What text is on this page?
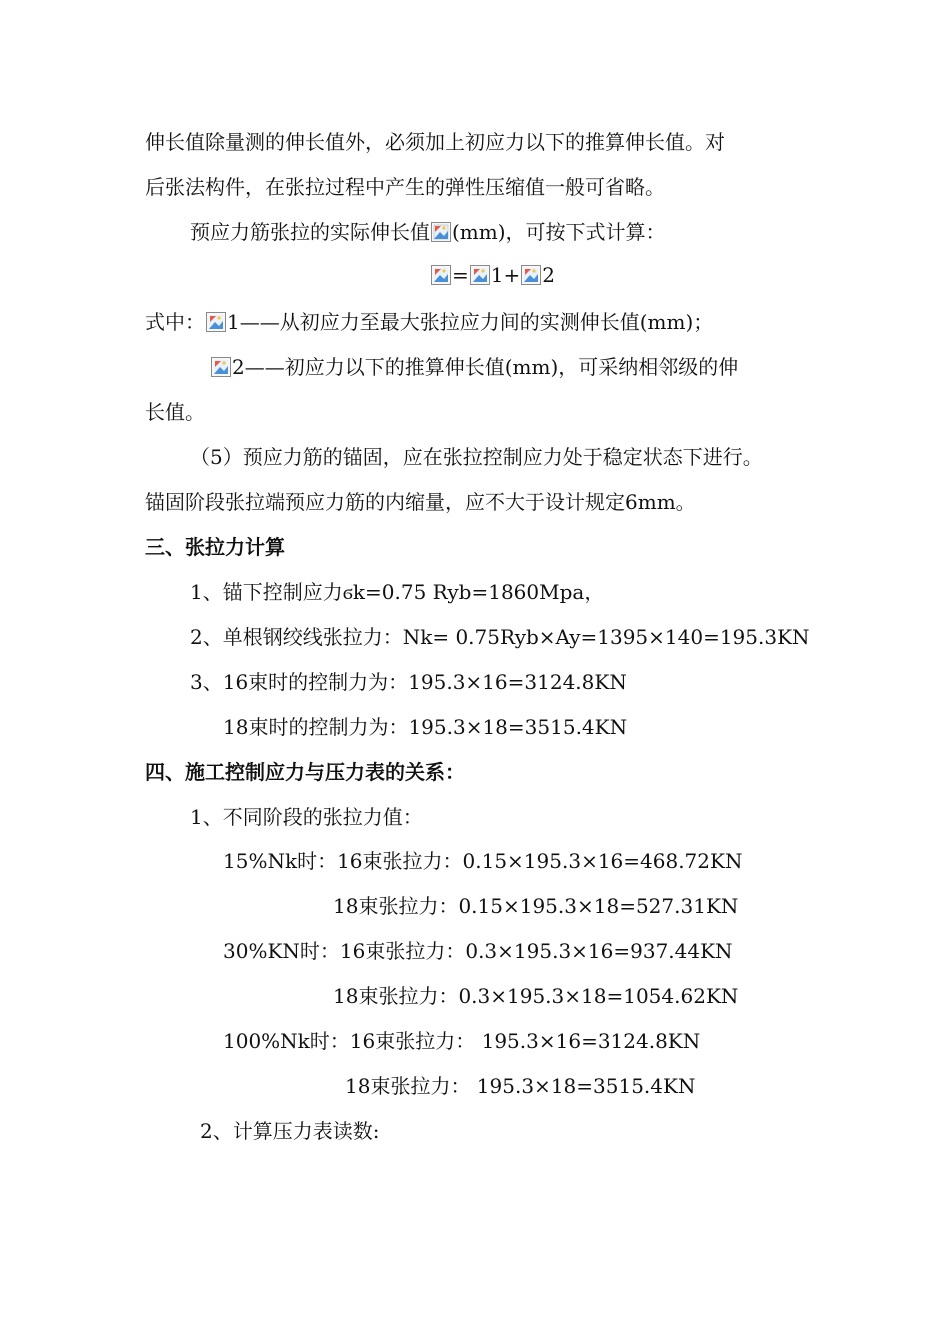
伸长值除量测的伸长值外，必须加上初应力以下的推算伸长值。对
后张法构件，在张拉过程中产生的弹性压缩值一般可省略。
预应力筋张拉的实际伸长值 (mm)，可按下式计算：
= 1+ 2
式中： 1——从初应力至最大张拉应力间的实测伸长值(mm)；
2——初应力以下的推算伸长值(mm)，可采纳相邻级的伸
长值。
（5）预应力筋的锚固，应在张拉控制应力处于稳定状态下进行。
锚固阶段张拉端预应力筋的内缩量，应不大于设计规定6mm。
三、张拉力计算
1、锚下控制应力ϭk=0.75 Ryb=1860Mpa，
2、单根钢绞线张拉力：Nk= 0.75Ryb×Ay=1395×140=195.3KN
3、16束时的控制力为：195.3×16=3124.8KN
18束时的控制力为：195.3×18=3515.4KN
四、施工控制应力与压力表的关系：
1、不同阶段的张拉力值：
15%Nk时：16束张拉力：0.15×195.3×16=468.72KN
18束张拉力：0.15×195.3×18=527.31KN
30%KN时：16束张拉力：0.3×195.3×16=937.44KN
18束张拉力：0.3×195.3×18=1054.62KN
100%Nk时：16束张拉力： 195.3×16=3124.8KN
18束张拉力： 195.3×18=3515.4KN
2、计算压力表读数:
